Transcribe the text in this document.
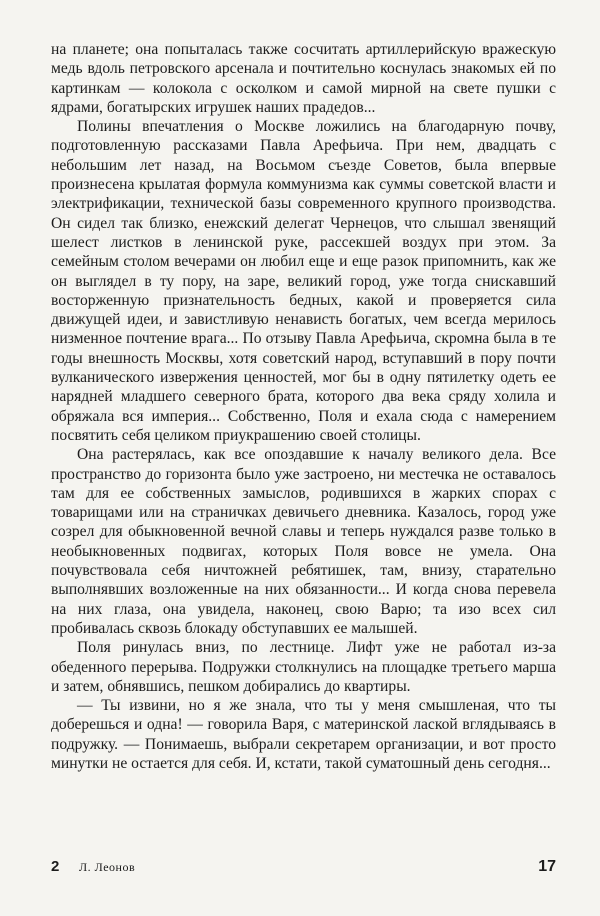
на планете; она попыталась также сосчитать артиллерийскую вражескую медь вдоль петровского арсенала и почтительно коснулась знакомых ей по картинкам — колокола с осколком и самой мирной на свете пушки с ядрами, богатырских игрушек наших прадедов...

Полины впечатления о Москве ложились на благодарную почву, подготовленную рассказами Павла Арефьича. При нем, двадцать с небольшим лет назад, на Восьмом съезде Советов, была впервые произнесена крылатая формула коммунизма как суммы советской власти и электрификации, технической базы современного крупного производства. Он сидел так близко, енежский делегат Чернецов, что слышал звенящий шелест листков в ленинской руке, рассекшей воздух при этом. За семейным столом вечерами он любил еще и еще разок припомнить, как же он выглядел в ту пору, на заре, великий город, уже тогда снискавший восторженную признательность бедных, какой и проверяется сила движущей идеи, и завистливую ненависть богатых, чем всегда мерилось низменное почтение врага... По отзыву Павла Арефьича, скромна была в те годы внешность Москвы, хотя советский народ, вступавший в пору почти вулканического извержения ценностей, мог бы в одну пятилетку одеть ее нарядней младшего северного брата, которого два века сряду холила и обряжала вся империя... Собственно, Поля и ехала сюда с намерением посвятить себя целиком приукрашению своей столицы.

Она растерялась, как все опоздавшие к началу великого дела. Все пространство до горизонта было уже застроено, ни местечка не оставалось там для ее собственных замыслов, родившихся в жарких спорах с товарищами или на страничках девичьего дневника. Казалось, город уже созрел для обыкновенной вечной славы и теперь нуждался разве только в необыкновенных подвигах, которых Поля вовсе не умела. Она почувствовала себя ничтожней ребятишек, там, внизу, старательно выполнявших возложенные на них обязанности... И когда снова перевела на них глаза, она увидела, наконец, свою Варю; та изо всех сил пробивалась сквозь блокаду обступавших ее малышей.

Поля ринулась вниз, по лестнице. Лифт уже не работал из-за обеденного перерыва. Подружки столкнулись на площадке третьего марша и затем, обнявшись, пешком добирались до квартиры.

— Ты извини, но я же знала, что ты у меня смышленая, что ты доберешься и одна! — говорила Варя, с материнской лаской вглядываясь в подружку. — Понимаешь, выбрали секретарем организации, и вот просто минутки не остается для себя. И, кстати, такой суматошный день сегодня...

2 Л. Леонов	17
